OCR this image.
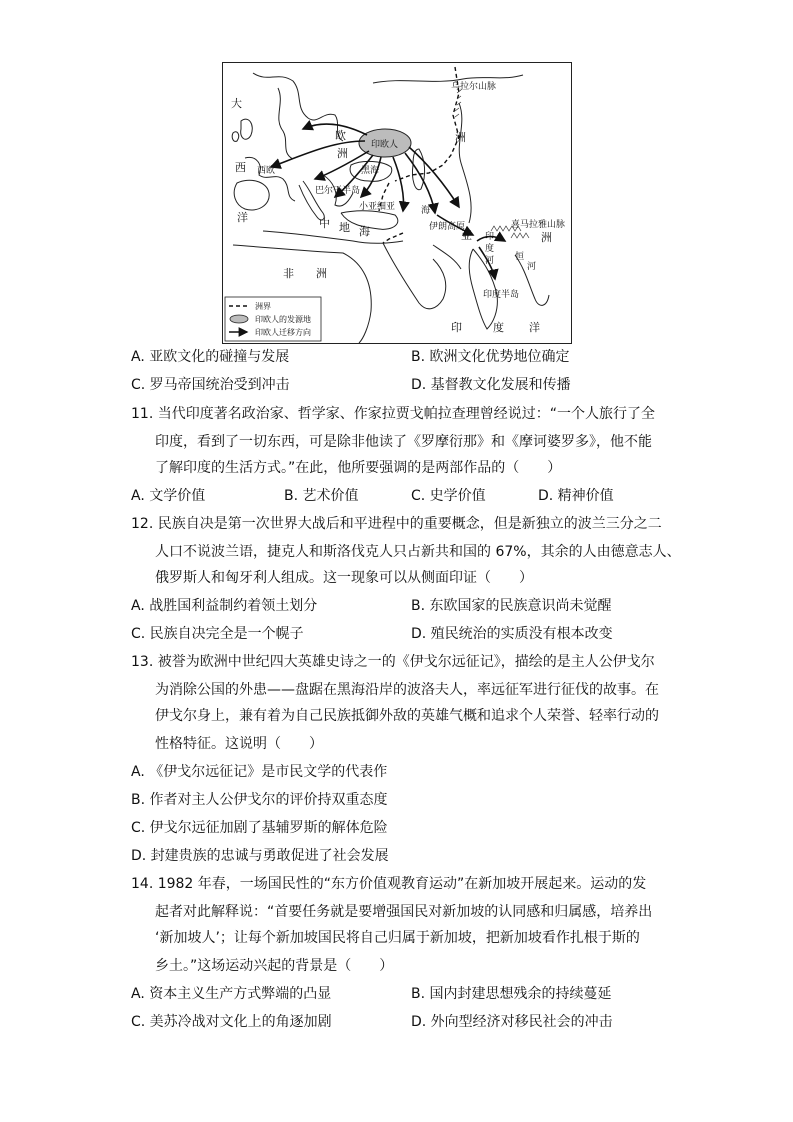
大
西
洋
欧
洲
西欧
印欧人
黑海
巴尔干半岛
小亚细亚
中 地 海
海
伊朗高原
亚
洲
非　　洲
印度半岛
印	度 洋
乌拉尔山脉
印
度
河 恒
喜马拉雅山脉
洲
河
洲界
印欧人的发源地
印欧人迁移方向
A. 亚欧文化的碰撞与发展	B. 欧洲文化优势地位确定
C. 罗马帝国统治受到冲击	D. 基督教文化发展和传播
11. 当代印度著名政治家、哲学家、作家拉贾戈帕拉查理曾经说过：“一个人旅行了全
印度，看到了一切东西，可是除非他读了《罗摩衍那》和《摩诃婆罗多》，他不能
了解印度的生活方式。”在此，他所要强调的是两部作品的（　　）
A. 文学价值	B. 艺术价值	C. 史学价值	D. 精神价值
12. 民族自决是第一次世界大战后和平进程中的重要概念，但是新独立的波兰三分之二
人口不说波兰语，捷克人和斯洛伐克人只占新共和国的 67%，其余的人由德意志人、
俄罗斯人和匈牙利人组成。这一现象可以从侧面印证（　　）
A. 战胜国利益制约着领土划分	B. 东欧国家的民族意识尚未觉醒
C. 民族自决完全是一个幌子	D. 殖民统治的实质没有根本改变
13. 被誉为欧洲中世纪四大英雄史诗之一的《伊戈尔远征记》，描绘的是主人公伊戈尔
为消除公国的外患——盘踞在黑海沿岸的波洛夫人，率远征军进行征伐的故事。在
伊戈尔身上，兼有着为自己民族抵御外敌的英雄气概和追求个人荣誉、轻率行动的
性格特征。这说明（　　）
A. 《伊戈尔远征记》是市民文学的代表作
B. 作者对主人公伊戈尔的评价持双重态度
C. 伊戈尔远征加剧了基辅罗斯的解体危险
D. 封建贵族的忠诚与勇敢促进了社会发展
14. 1982 年春，一场国民性的“东方价值观教育运动”在新加坡开展起来。运动的发
起者对此解释说：“首要任务就是要增强国民对新加坡的认同感和归属感，培养出
‘新加坡人’；让每个新加坡国民将自己归属于新加坡，把新加坡看作扎根于斯的
乡土。”这场运动兴起的背景是（　　）
A. 资本主义生产方式弊端的凸显	B. 国内封建思想残余的持续蔓延
C. 美苏冷战对文化上的角逐加剧	D. 外向型经济对移民社会的冲击
